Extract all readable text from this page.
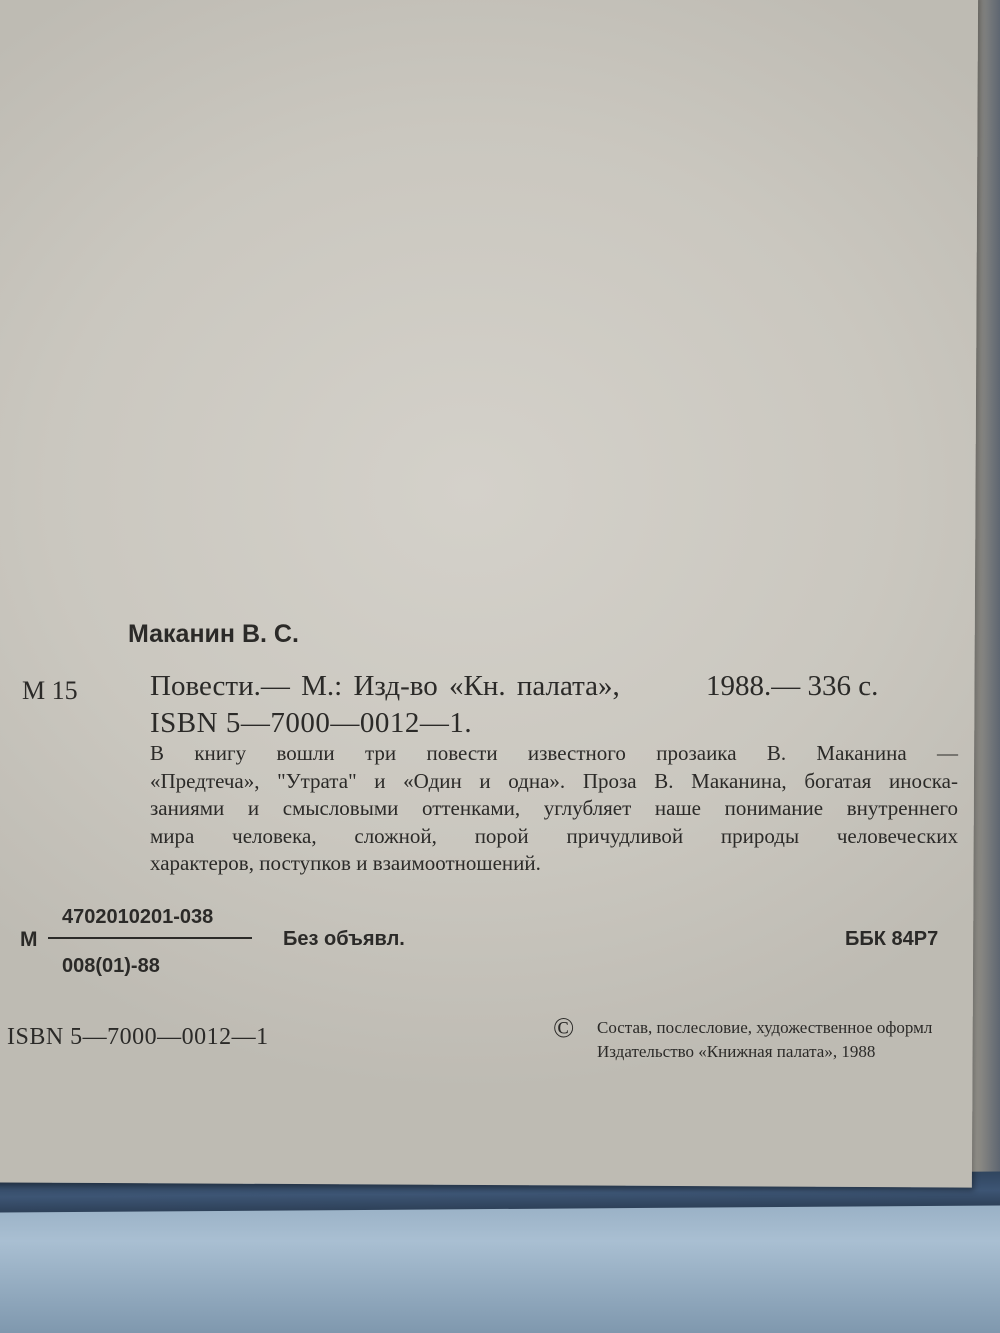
Маканин В. С.
М 15 Повести.— М.: Изд-во «Кн. палата»,	1988.— 336 с.
ISBN 5—7000—0012—1.
В книгу вошли три повести известного прозаика В. Маканина —
«Предтеча», "Утрата" и «Один и одна». Проза В. Маканина, богатая иноска-
заниями и смысловыми оттенками, углубляет наше понимание внутреннего
мира человека, сложной, порой причудливой природы человеческих
характеров, поступков и взаимоотношений.
М
4702010201-038
008(01)-88
Без объявл.	ББК 84Р7
ISBN 5—7000—0012—1	© Состав, послесловие, художественное оформл
Издательство «Книжная палата», 1988
